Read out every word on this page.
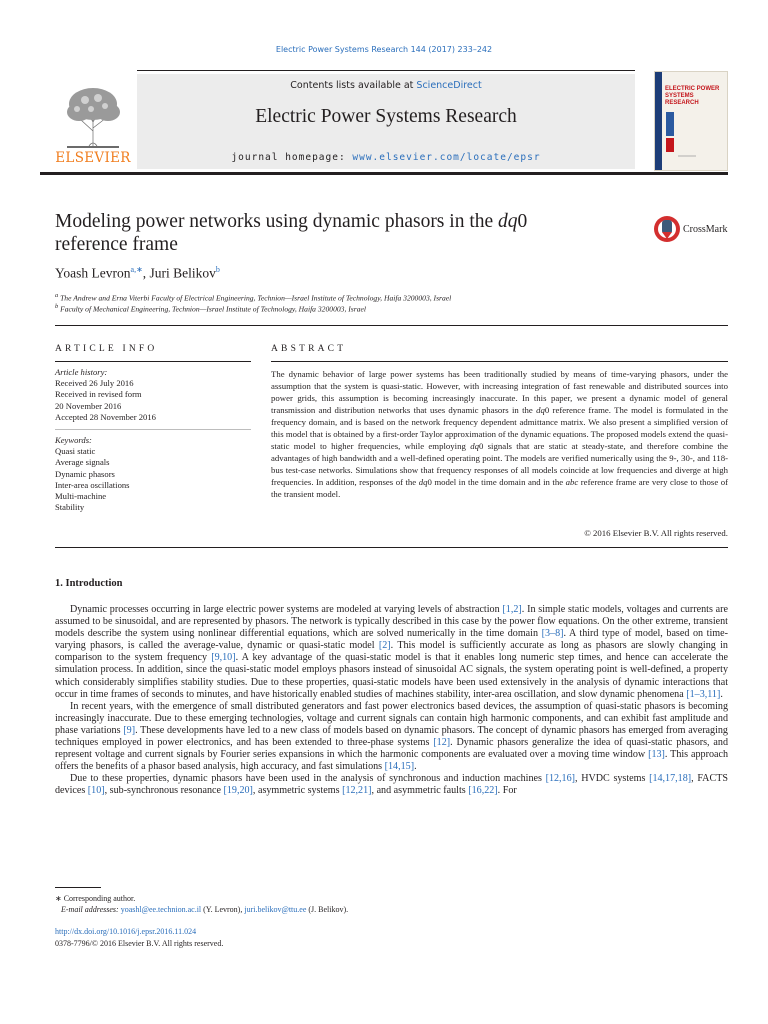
Electric Power Systems Research 144 (2017) 233–242
ELSEVIER
Contents lists available at ScienceDirect
Electric Power Systems Research
journal homepage: www.elsevier.com/locate/epsr
ELECTRIC POWER
SYSTEMS RESEARCH
Modeling power networks using dynamic phasors in the dq0
reference frame
CrossMark
Yoash Levron$^{a,∗}$, Juri Belikov$^b$
$^a$ The Andrew and Erna Viterbi Faculty of Electrical Engineering, Technion—Israel Institute of Technology, Haifa 3200003, Israel
$^b$ Faculty of Mechanical Engineering, Technion—Israel Institute of Technology, Haifa 3200003, Israel
ARTICLE INFO	ABSTRACT
Article history:
Received 26 July 2016
Received in revised form
20 November 2016
Accepted 28 November 2016
Keywords:
Quasi static
Average signals
Dynamic phasors
Inter-area oscillations
Multi-machine
Stability
The dynamic behavior of large power systems has been traditionally studied by means of time-varying phasors, under the assumption that the system is quasi-static. However, with increasing integration of fast renewable and distributed sources into power grids, this assumption is becoming increasingly inaccurate. In this paper, we present a dynamic model of general transmission and distribution networks that uses dynamic phasors in the dq0 reference frame. The model is formulated in the frequency domain, and is based on the network frequency dependent admittance matrix. We also present a simplified version of this model that is obtained by a first-order Taylor approximation of the dynamic equations. The proposed models extend the quasi-static model to higher frequencies, while employing dq0 signals that are static at steady-state, and therefore combine the advantages of high bandwidth and a well-defined operating point. The models are verified numerically using the 9-, 30-, and 118-bus test-case networks. Simulations show that frequency responses of all models coincide at low frequencies and diverge at high frequencies. In addition, responses of the dq0 model in the time domain and in the abc reference frame are very close to those of the transient model.
© 2016 Elsevier B.V. All rights reserved.
1. Introduction

Dynamic processes occurring in large electric power systems are modeled at varying levels of abstraction [1,2]. In simple static models, voltages and currents are assumed to be sinusoidal, and are represented by phasors. The network is typically described in this case by the power flow equations. On the other extreme, transient models describe the system using nonlinear differential equations, which are solved numerically in the time domain [3–8]. A third type of model, based on time-varying phasors, is called the average-value, dynamic or quasi-static model [2]. This model is sufficiently accurate as long as phasors are slowly changing in comparison to the system frequency [9,10]. A key advantage of the quasi-static model is that it enables long numeric step times, and hence can accelerate the simulation process. In addition, since the quasi-static model employs phasors instead of sinusoidal AC signals, the system operating point is well-defined, a property which considerably simplifies stability studies. Due to these properties, quasi-static models have been used extensively in the analysis of dynamic interactions that occur in time frames of seconds to minutes, and have historically enabled studies of machines stability, inter-area oscillation, and slow dynamic phenomena [1–3,11].

In recent years, with the emergence of small distributed generators and fast power electronics based devices, the assumption of quasi-static phasors is becoming increasingly inaccurate. Due to these emerging technologies, voltage and current signals can contain high harmonic components, and can exhibit fast amplitude and phase variations [9]. These developments have led to a new class of models based on dynamic phasors. The concept of dynamic phasors has emerged from averaging techniques employed in power electronics, and has been extended to three-phase systems [12]. Dynamic phasors generalize the idea of quasi-static phasors, and represent voltage and current signals by Fourier series expansions in which the harmonic components are evaluated over a moving time window [13]. This approach offers the benefits of a phasor based analysis, high accuracy, and fast simulations [14,15].

Due to these properties, dynamic phasors have been used in the analysis of synchronous and induction machines [12,16], HVDC systems [14,17,18], FACTS devices [10], sub-synchronous resonance [19,20], asymmetric systems [12,21], and asymmetric faults [16,22]. For

∗ Corresponding author.
E-mail addresses: yoashl@ee.technion.ac.il (Y. Levron), juri.belikov@ttu.ee (J. Belikov).
http://dx.doi.org/10.1016/j.epsr.2016.11.024
0378-7796/© 2016 Elsevier B.V. All rights reserved.
